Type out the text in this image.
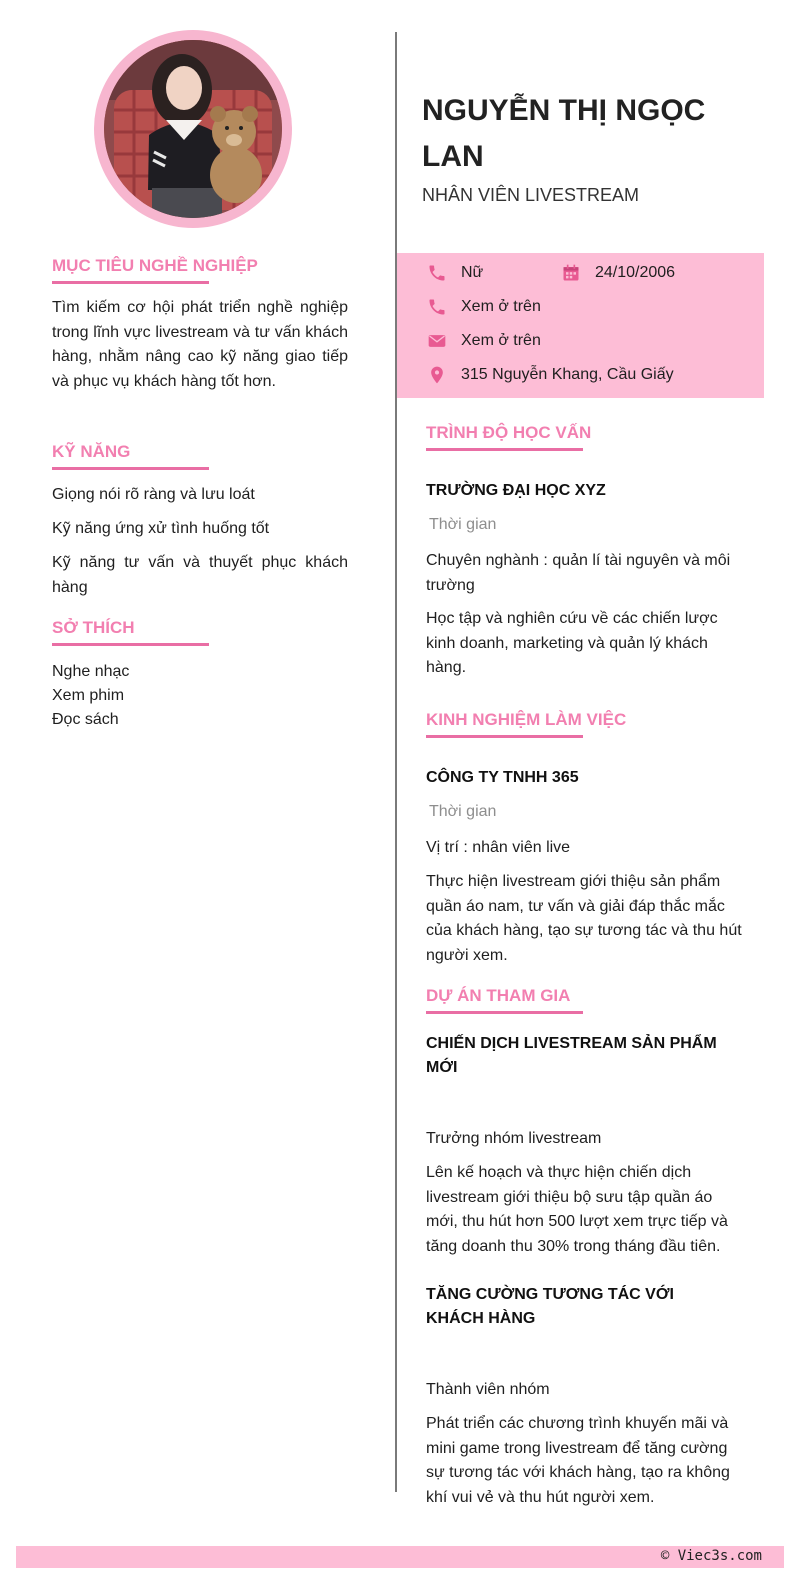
MỤC TIÊU NGHỀ NGHIỆP
Tìm kiếm cơ hội phát triển nghề nghiệp trong lĩnh vực livestream và tư vấn khách hàng, nhằm nâng cao kỹ năng giao tiếp và phục vụ khách hàng tốt hơn.
KỸ NĂNG
Giọng nói rõ ràng và lưu loát
Kỹ năng ứng xử tình huống tốt
Kỹ năng tư vấn và thuyết phục khách hàng
SỞ THÍCH
Nghe nhạc
Xem phim
Đọc sách
NGUYỄN THỊ NGỌC LAN
NHÂN VIÊN LIVESTREAM
Nữ	24/10/2006
Xem ở trên
Xem ở trên
315 Nguyễn Khang, Cầu Giấy
TRÌNH ĐỘ HỌC VẤN
TRƯỜNG ĐẠI HỌC XYZ
Thời gian
Chuyên nghành : quản lí tài nguyên và môi trường
Học tập và nghiên cứu về các chiến lược kinh doanh, marketing và quản lý khách hàng.
KINH NGHIỆM LÀM VIỆC
CÔNG TY TNHH 365
Thời gian
Vị trí : nhân viên live
Thực hiện livestream giới thiệu sản phẩm quần áo nam, tư vấn và giải đáp thắc mắc của khách hàng, tạo sự tương tác và thu hút người xem.
DỰ ÁN THAM GIA
CHIẾN DỊCH LIVESTREAM SẢN PHẨM MỚI
Trưởng nhóm livestream
Lên kế hoạch và thực hiện chiến dịch livestream giới thiệu bộ sưu tập quần áo mới, thu hút hơn 500 lượt xem trực tiếp và tăng doanh thu 30% trong tháng đầu tiên.
TĂNG CƯỜNG TƯƠNG TÁC VỚI KHÁCH HÀNG
Thành viên nhóm
Phát triển các chương trình khuyến mãi và mini game trong livestream để tăng cường sự tương tác với khách hàng, tạo ra không khí vui vẻ và thu hút người xem.
© Viec3s.com
